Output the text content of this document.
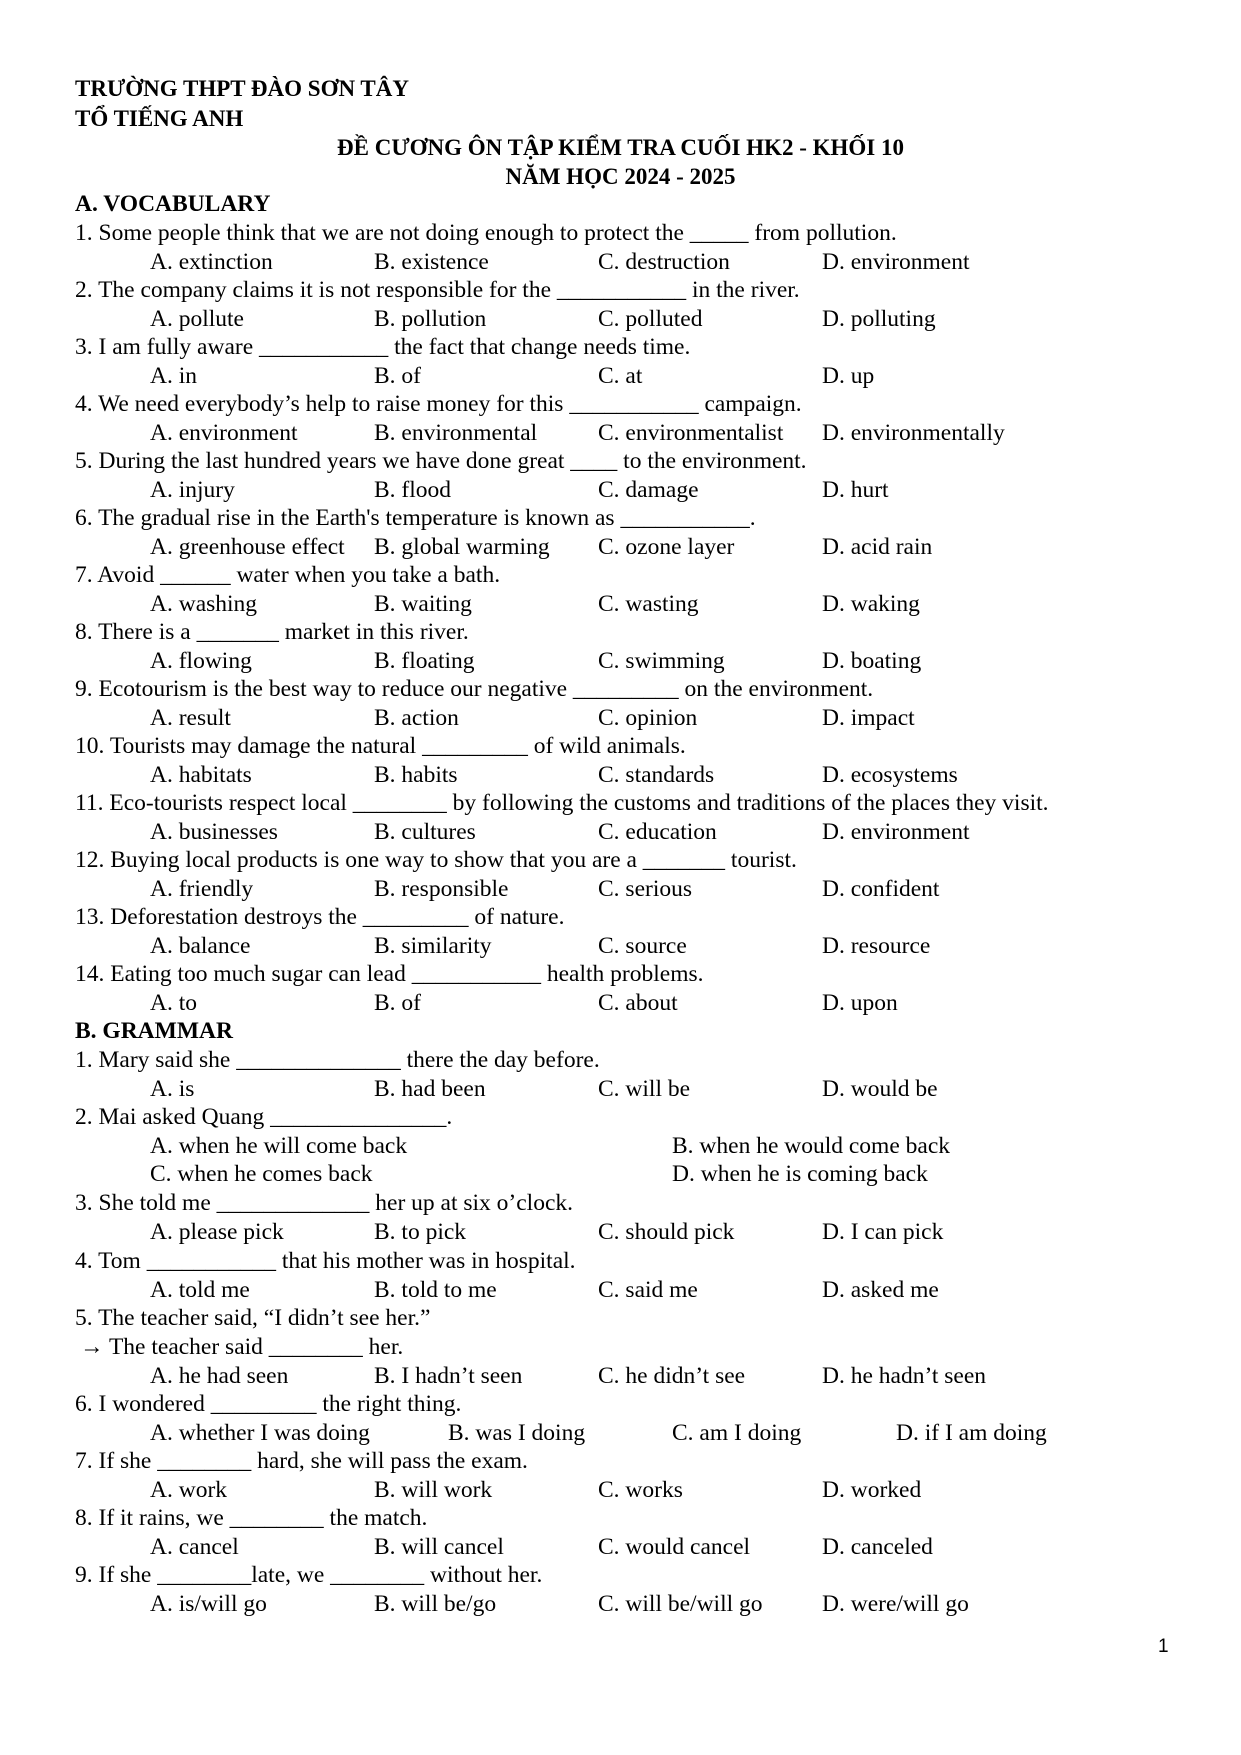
TRƯỜNG THPT ĐÀO SƠN TÂY
TỔ TIẾNG ANH
ĐỀ CƯƠNG ÔN TẬP KIỂM TRA CUỐI HK2 - KHỐI 10
NĂM HỌC 2024 - 2025
A. VOCABULARY
1. Some people think that we are not doing enough to protect the _____ from pollution.
A. extinction	B. existence	C. destruction	D. environment
2. The company claims it is not responsible for the ___________ in the river.
A. pollute	B. pollution	C. polluted	D. polluting
3. I am fully aware ___________ the fact that change needs time.
A. in	B. of	C. at	D. up
4. We need everybody’s help to raise money for this ___________ campaign.
A. environment	B. environmental	C. environmentalist D. environmentally
5. During the last hundred years we have done great ____ to the environment.
A. injury	B. flood	C. damage	D. hurt
6. The gradual rise in the Earth's temperature is known as ___________.
A. greenhouse effect B. global warming C. ozone layer	D. acid rain
7. Avoid ______ water when you take a bath.
A. washing	B. waiting	C. wasting	D. waking
8. There is a _______ market in this river.
A. flowing	B. floating	C. swimming	D. boating
9. Ecotourism is the best way to reduce our negative _________ on the environment.
A. result	B. action	C. opinion	D. impact
10. Tourists may damage the natural _________ of wild animals.
A. habitats	B. habits	C. standards	D. ecosystems
11. Eco-tourists respect local ________ by following the customs and traditions of the places they visit.
A. businesses	B. cultures	C. education	D. environment
12. Buying local products is one way to show that you are a _______ tourist.
A. friendly	B. responsible	C. serious	D. confident
13. Deforestation destroys the _________ of nature.
A. balance	B. similarity	C. source	D. resource
14. Eating too much sugar can lead ___________ health problems.
A. to	B. of	C. about	D. upon
B. GRAMMAR
1. Mary said she ______________ there the day before.
A. is	B. had been	C. will be	D. would be
2. Mai asked Quang _______________.
A. when he will come back	B. when he would come back
C. when he comes back	D. when he is coming back
3. She told me _____________ her up at six o’clock.
A. please pick	B. to pick	C. should pick	D. I can pick
4. Tom ___________ that his mother was in hospital.
A. told me	B. told to me	C. said me	D. asked me
5. The teacher said, “I didn’t see her.”
→ The teacher said ________ her.
A. he had seen	B. I hadn’t seen	C. he didn’t see	D. he hadn’t seen
6. I wondered _________ the right thing.
A. whether I was doing	B. was I doing	C. am I doing	D. if I am doing
7. If she ________ hard, she will pass the exam.
A. work	B. will work	C. works	D. worked
8. If it rains, we ________ the match.
A. cancel	B. will cancel	C. would cancel	D. canceled
9. If she ________late, we ________ without her.
A. is/will go	B. will be/go	C. will be/will go	D. were/will go
1
